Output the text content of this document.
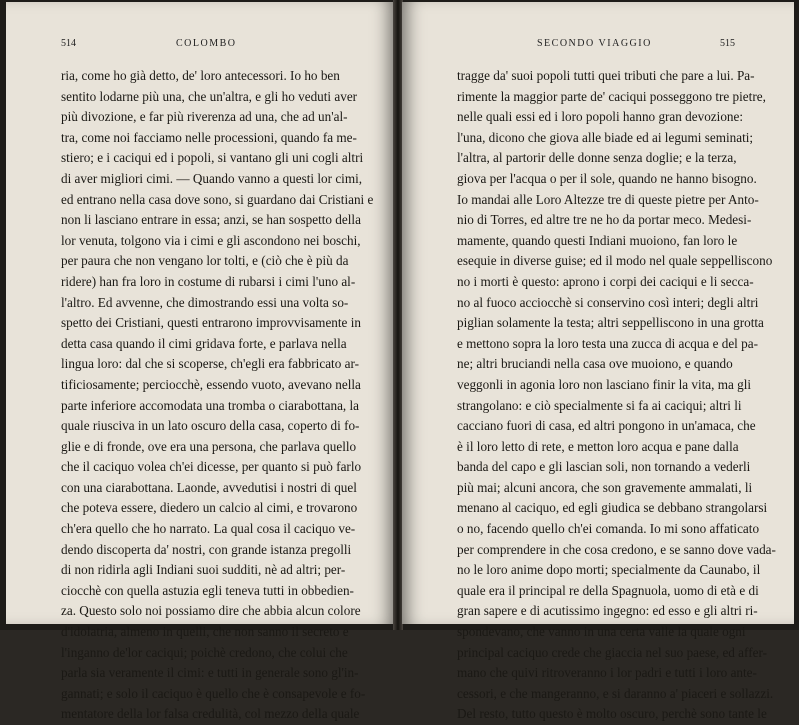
514	COLOMBO
ria, come ho già detto, de' loro antecessori. Io ho ben
sentito lodarne più una, che un'altra, e gli ho veduti aver
più divozione, e far più riverenza ad una, che ad un'al-
tra, come noi facciamo nelle processioni, quando fa me-
stiero; e i caciqui ed i popoli, si vantano gli uni cogli altri
di aver migliori cimi. — Quando vanno a questi lor cimi,
ed entrano nella casa dove sono, si guardano dai Cristiani e
non li lasciano entrare in essa; anzi, se han sospetto della
lor venuta, tolgono via i cimi e gli ascondono nei boschi,
per paura che non vengano lor tolti, e (ciò che è più da
ridere) han fra loro in costume di rubarsi i cimi l'uno al-
l'altro. Ed avvenne, che dimostrando essi una volta so-
spetto dei Cristiani, questi entrarono improvvisamente in
detta casa quando il cimi gridava forte, e parlava nella
lingua loro: dal che si scoperse, ch'egli era fabbricato ar-
tificiosamente; perciocchè, essendo vuoto, avevano nella
parte inferiore accomodata una tromba o ciarabottana, la
quale riusciva in un lato oscuro della casa, coperto di fo-
glie e di fronde, ove era una persona, che parlava quello
che il caciquo volea ch'ei dicesse, per quanto si può farlo
con una ciarabottana. Laonde, avvedutisi i nostri di quel
che poteva essere, diedero un calcio al cimi, e trovarono
ch'era quello che ho narrato. La qual cosa il caciquo ve-
dendo discoperta da' nostri, con grande istanza pregolli
di non ridirla agli Indiani suoi sudditi, nè ad altri; per-
ciocchè con quella astuzia egli teneva tutti in obbedien-
za. Questo solo noi possiamo dire che abbia alcun colore
d'idolatria, almeno in quelli, che non sanno il secreto e
l'inganno de'lor caciqui; poichè credono, che colui che
parla sia veramente il cimi: e tutti in generale sono gl'in-
gannati; e solo il caciquo è quello che è consapevole e fo-
mentatore della lor falsa credulità, col mezzo della quale
SECONDO VIAGGIO	515
tragge da' suoi popoli tutti quei tributi che pare a lui. Pa-
rimente la maggior parte de' caciqui posseggono tre pietre,
nelle quali essi ed i loro popoli hanno gran devozione:
l'una, dicono che giova alle biade ed ai legumi seminati;
l'altra, al partorir delle donne senza doglie; e la terza,
giova per l'acqua o per il sole, quando ne hanno bisogno.
Io mandai alle Loro Altezze tre di queste pietre per Anto-
nio di Torres, ed altre tre ne ho da portar meco. Medesi-
mamente, quando questi Indiani muoiono, fan loro le
esequie in diverse guise; ed il modo nel quale seppelliscono
no i morti è questo: aprono i corpi dei caciqui e li secca-
no al fuoco acciocchè si conservino così interi; degli altri
piglian solamente la testa; altri seppelliscono in una grotta
e mettono sopra la loro testa una zucca di acqua e del pa-
ne; altri bruciandi nella casa ove muoiono, e quando
veggonli in agonia loro non lasciano finir la vita, ma gli
strangolano: e ciò specialmente si fa ai caciqui; altri li
cacciano fuori di casa, ed altri pongono in un'amaca, che
è il loro letto di rete, e metton loro acqua e pane dalla
banda del capo e gli lascian soli, non tornando a vederli
più mai; alcuni ancora, che son gravemente ammalati, li
menano al caciquo, ed egli giudica se debbano strangolarsi
o no, facendo quello ch'ei comanda. Io mi sono affaticato
per comprendere in che cosa credono, e se sanno dove vada-
no le loro anime dopo morti; specialmente da Caunabo, il
quale era il principal re della Spagnuola, uomo di età e di
gran sapere e di acutissimo ingegno: ed esso e gli altri ri-
spondevano, che vanno in una certa valle la quale ogni
principal caciquo crede che giaccia nel suo paese, ed affer-
mano che quivi ritroveranno i lor padri e tutti i loro ante-
cessori, e che mangeranno, e si daranno a' piaceri e sollazzi.
Del resto, tutto questo è molto oscuro, perchè sono tante le
